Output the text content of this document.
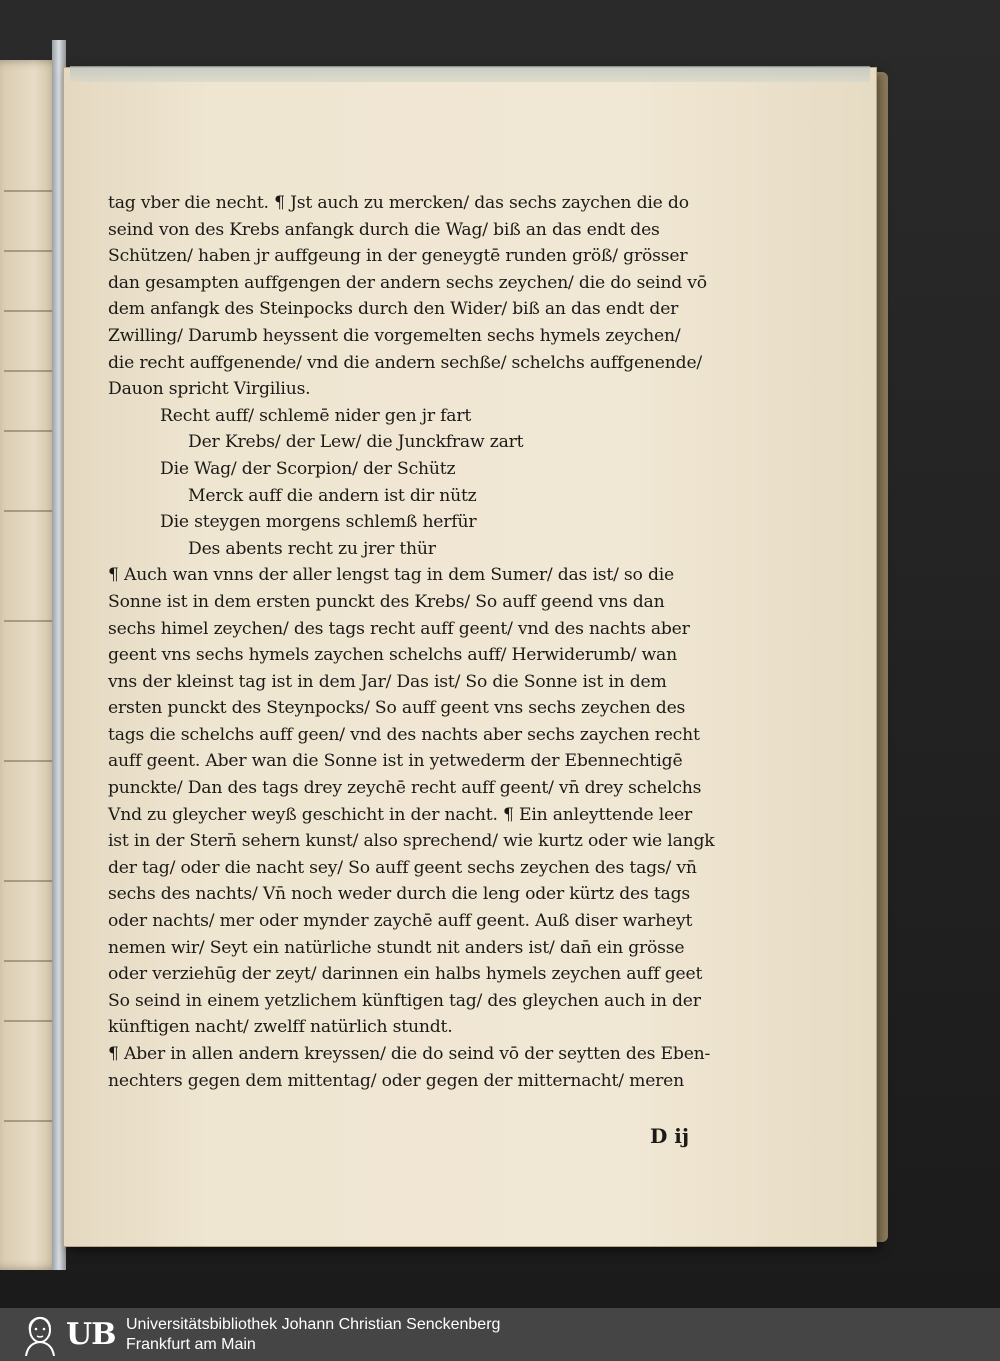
tag vber die necht. ¶ Jst auch zu mercken/ das sechs zaychen die do
seind von des Krebs anfangk durch die Wag/ biß an das endt des
Schützen/ haben jr auffgeung in der geneygtē runden größ/ grösser
dan gesampten auffgengen der andern sechs zeychen/ die do seind vō
dem anfangk des Steinpocks durch den Wider/ biß an das endt der
Zwilling/ Darumb heyssent die vorgemelten sechs hymels zeychen/
die recht auffgenende/ vnd die andern sechße/ schelchs auffgenende/
Dauon spricht Virgilius.
Recht auff/ schlemē nider gen jr fart
Der Krebs/ der Lew/ die Junckfraw zart
Die Wag/ der Scorpion/ der Schütz
Merck auff die andern ist dir nütz
Die steygen morgens schlemß herfür
Des abents recht zu jrer thür
¶ Auch wan vnns der aller lengst tag in dem Sumer/ das ist/ so die
Sonne ist in dem ersten punckt des Krebs/ So auff geend vns dan
sechs himel zeychen/ des tags recht auff geent/ vnd des nachts aber
geent vns sechs hymels zaychen schelchs auff/ Herwiderumb/ wan
vns der kleinst tag ist in dem Jar/ Das ist/ So die Sonne ist in dem
ersten punckt des Steynpocks/ So auff geent vns sechs zeychen des
tags die schelchs auff geen/ vnd des nachts aber sechs zaychen recht
auff geent. Aber wan die Sonne ist in yetwederm der Ebennechtigē
punckte/ Dan des tags drey zeychē recht auff geent/ vn̄ drey schelchs
Vnd zu gleycher weyß geschicht in der nacht. ¶ Ein anleyttende leer
ist in der Stern̄ sehern kunst/ also sprechend/ wie kurtz oder wie langk
der tag/ oder die nacht sey/ So auff geent sechs zeychen des tags/ vn̄
sechs des nachts/ Vn̄ noch weder durch die leng oder kürtz des tags
oder nachts/ mer oder mynder zaychē auff geent. Auß diser warheyt
nemen wir/ Seyt ein natürliche stundt nit anders ist/ dan̄ ein grösse
oder verziehūg der zeyt/ darinnen ein halbs hymels zeychen auff geet
So seind in einem yetzlichem künftigen tag/ des gleychen auch in der
künftigen nacht/ zwelff natürlich stundt.
¶ Aber in allen andern kreyssen/ die do seind vō der seytten des Eben-
nechters gegen dem mittentag/ oder gegen der mitternacht/ meren
D ij
UB Universitätsbibliothek Johann Christian Senckenberg
Frankfurt am Main
